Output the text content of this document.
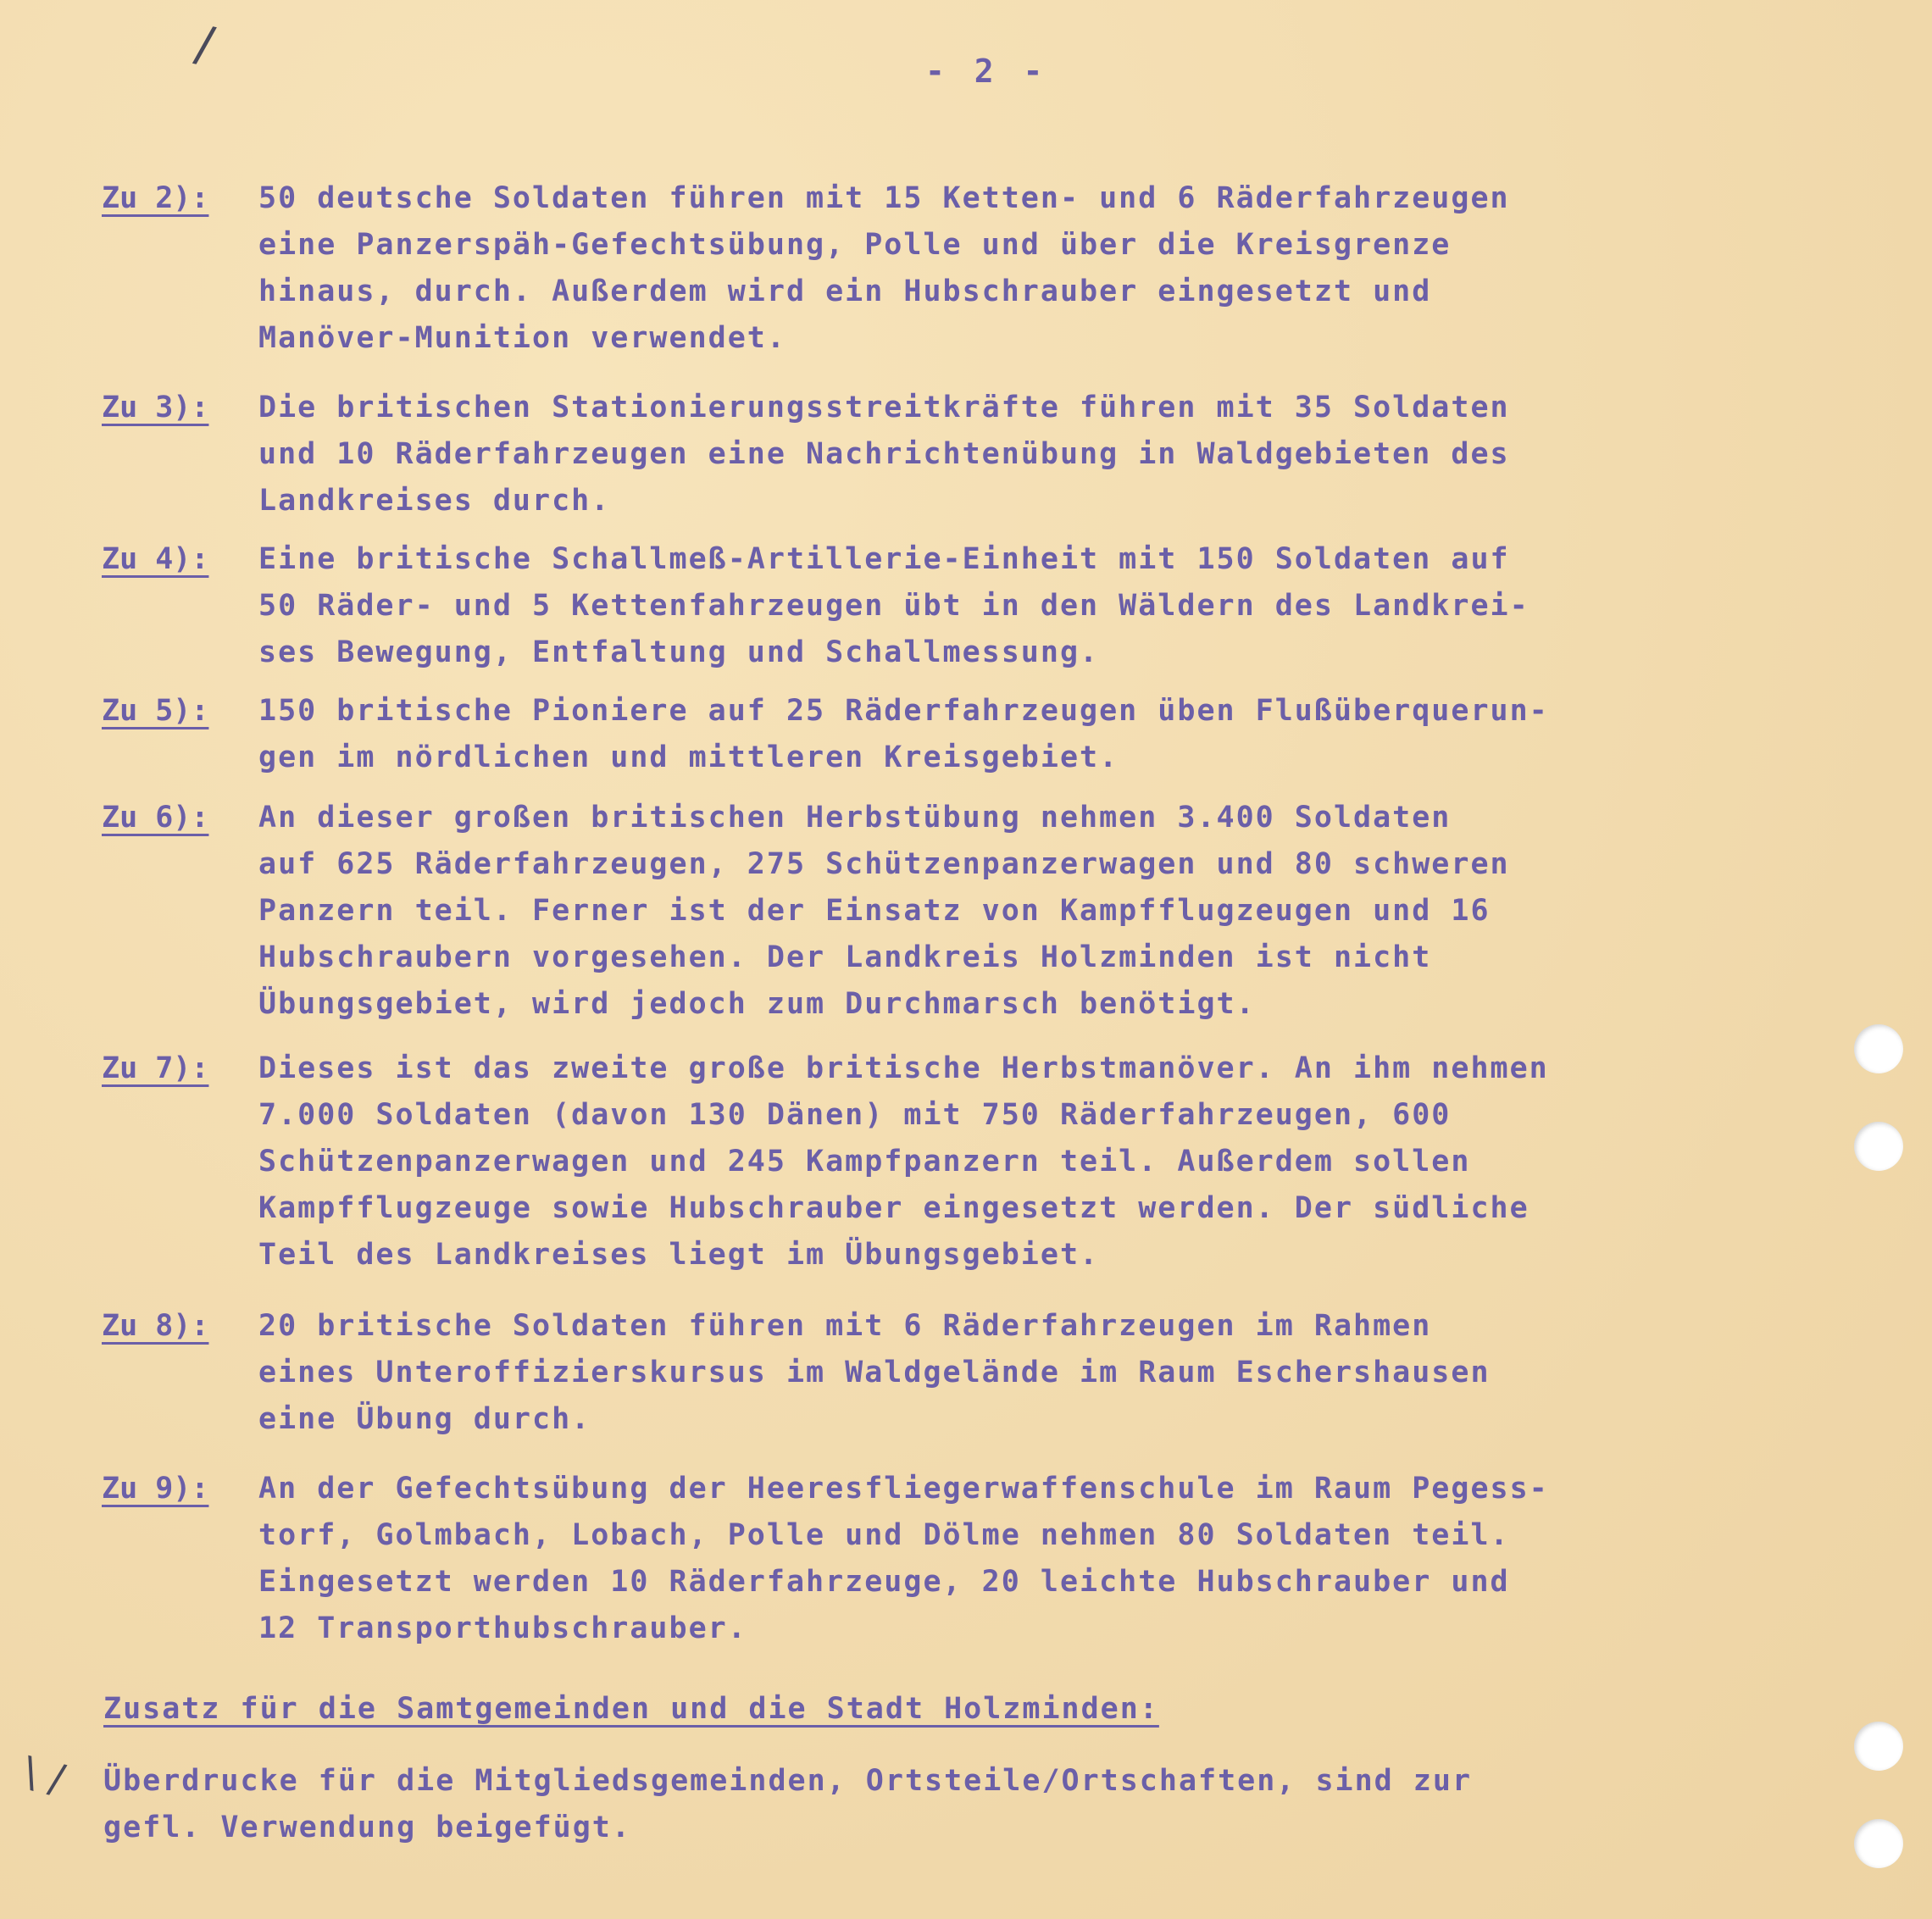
/	- 2 -
Zu 2):	50 deutsche Soldaten führen mit 15 Ketten- und 6 Räderfahrzeugen
eine Panzerspäh-Gefechtsübung, Polle und über die Kreisgrenze
hinaus, durch. Außerdem wird ein Hubschrauber eingesetzt und
Manöver-Munition verwendet.
Zu 3):	Die britischen Stationierungsstreitkräfte führen mit 35 Soldaten
und 10 Räderfahrzeugen eine Nachrichtenübung in Waldgebieten des
Landkreises durch.
Zu 4):	Eine britische Schallmeß-Artillerie-Einheit mit 150 Soldaten auf
50 Räder- und 5 Kettenfahrzeugen übt in den Wäldern des Landkrei-
ses Bewegung, Entfaltung und Schallmessung.
Zu 5):	150 britische Pioniere auf 25 Räderfahrzeugen üben Flußüberquerun-
gen im nördlichen und mittleren Kreisgebiet.
Zu 6):	An dieser großen britischen Herbstübung nehmen 3.400 Soldaten
auf 625 Räderfahrzeugen, 275 Schützenpanzerwagen und 80 schweren
Panzern teil. Ferner ist der Einsatz von Kampfflugzeugen und 16
Hubschraubern vorgesehen. Der Landkreis Holzminden ist nicht
Übungsgebiet, wird jedoch zum Durchmarsch benötigt.
Zu 7):	Dieses ist das zweite große britische Herbstmanöver. An ihm nehmen
7.000 Soldaten (davon 130 Dänen) mit 750 Räderfahrzeugen, 600
Schützenpanzerwagen und 245 Kampfpanzern teil. Außerdem sollen
Kampfflugzeuge sowie Hubschrauber eingesetzt werden. Der südliche
Teil des Landkreises liegt im Übungsgebiet.
Zu 8):	20 britische Soldaten führen mit 6 Räderfahrzeugen im Rahmen
eines Unteroffizierskursus im Waldgelände im Raum Eschershausen
eine Übung durch.
Zu 9):	An der Gefechtsübung der Heeresfliegerwaffenschule im Raum Pegess-
torf, Golmbach, Lobach, Polle und Dölme nehmen 80 Soldaten teil.
Eingesetzt werden 10 Räderfahrzeuge, 20 leichte Hubschrauber und
12 Transporthubschrauber.
Zusatz für die Samtgemeinden und die Stadt Holzminden:
\ / Überdrucke für die Mitgliedsgemeinden, Ortsteile/Ortschaften, sind zur
gefl. Verwendung beigefügt.
